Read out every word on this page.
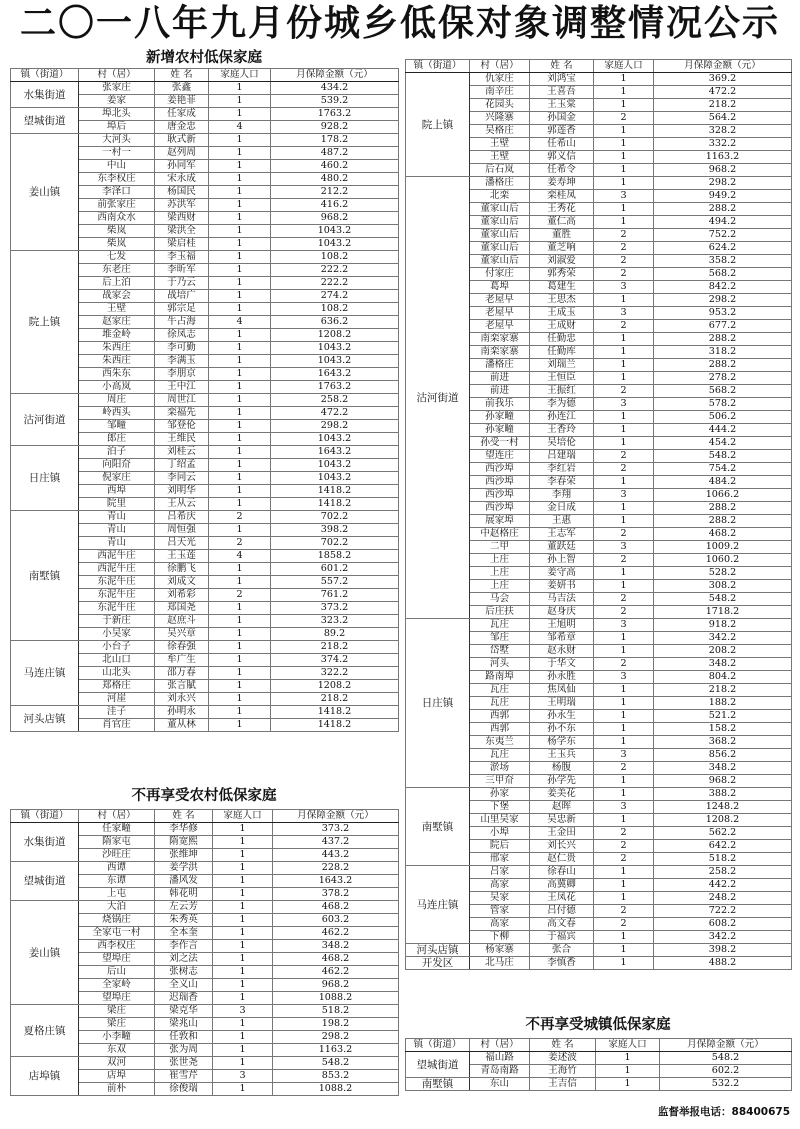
二〇一八年九月份城乡低保对象调整情况公示
新增农村低保家庭
镇（街道）	村（居）	姓 名	家庭人口	月保障金额（元）
水集街道	张家庄	张鑫	1	434.2
	姜家	姜艳菲	1	539.2
望城街道	埠北头	任家成	1	1763.2
	埠后	唐金忠	4	928.2
姜山镇	大河头	耿式新	1	178.2
	一村一	赵列周	1	487.2
	中山	孙同军	1	460.2
	东李权庄	宋永成	1	480.2
	李泽口	杨国民	1	212.2
	前张家庄	苏洪军	1	416.2
	西南众水	梁西财	1	968.2
	柴岚	梁洪全	1	1043.2
	柴岚	梁启桂	1	1043.2
院上镇	七发	李玉福	1	108.2
	东老庄	李昕军	1	222.2
	后上泊	于乃云	1	222.2
	战家会	战培广	1	274.2
	王壁	郭宗足	1	108.2
	赵家庄	牛占海	4	636.2
	堆金岭	徐凤志	1	1208.2
	朱西庄	李可勤	1	1043.2
	朱西庄	李满玉	1	1043.2
	西朱东	李朋京	1	1643.2
	小高岚	王中江	1	1763.2
沽河街道	周庄	周世江	1	258.2
	岭西头	栾福先	1	472.2
	邹疃	邹登伦	1	298.2
	郎庄	王维民	1	1043.2
日庄镇	泊子	刘桂云	1	1643.2
	向阳夼	丁绍孟	1	1043.2
	倪家庄	李同云	1	1043.2
	西埠	刘明华	1	1418.2
	院里	王从云	1	1418.2
南墅镇	青山	吕希庆	2	702.2
	青山	周恒强	1	398.2
	青山	吕天光	2	702.2
	西泥牛庄	王玉莲	4	1858.2
	西泥牛庄	徐鹏飞	1	601.2
	东泥牛庄	刘成文	1	557.2
	东泥牛庄	刘希彩	2	761.2
	东泥牛庄	郑国尧	1	373.2
	于新庄	赵庶斗	1	323.2
	小吴家	吴兴章	1	89.2
马连庄镇	小台子	徐春强	1	218.2
	北山口	牟广生	1	374.2
	山北头	邵万春	1	322.2
	郑格庄	张言賦	1	1208.2
	河崖	刘永兴	1	218.2
河头店镇	洼子	孙明永	1	1418.2
	肖官庄	董从林	1	1418.2
不再享受农村低保家庭
镇（街道）	村（居）	姓 名	家庭人口	月保障金额（元）
水集街道	任家疃	李华修	1	373.2
	隋家屯	隋宽熙	1	437.2
	沙旺庄	张维坤	1	443.2
望城街道	西谭	姜学洪	1	228.2
	东谭	潘风发	1	1643.2
	上屯	韩花明	1	378.2
姜山镇	大泊	左云芳	1	468.2
	烧锅庄	朱秀英	1	603.2
	全家屯一村	全本奎	1	462.2
	西李权庄	李作言	1	348.2
	望埠庄	刘之法	1	468.2
	后山	张树志	1	462.2
	全家岭	全义山	1	968.2
	望埠庄	迟瑞香	1	1088.2
夏格庄镇	梁庄	梁克华	3	518.2
	梁庄	梁兆山	1	198.2
	小李疃	任敦和	1	298.2
	东双	张为周	1	1163.2
店埠镇	双河	张世尧	1	548.2
	店埠	崔雪芹	3	853.2
	前朴	徐俊瑞	1	1088.2
镇（街道）	村（居）	姓 名	家庭人口	月保障金额（元）
院上镇	仇家庄	刘鸿宝	1	369.2
	南辛庄	王喜吾	1	472.2
	花园头	王玉棠	1	218.2
	兴隆寨	孙国金	2	564.2
	吴格庄	郭莲香	1	328.2
	王壁	任希山	1	332.2
	王壁	郭义信	1	1163.2
	后石岚	任希令	1	968.2
沽河街道	潘格庄	姜寿坤	1	298.2
	北栾	栾桂凤	3	949.2
	董家山后	王秀花	1	288.2
	董家山后	董仁高	1	494.2
	董家山后	董胜	2	752.2
	董家山后	董芝响	2	624.2
	董家山后	刘淑爱	2	358.2
	付家庄	郭秀荣	2	568.2
	葛埠	葛建生	3	842.2
	老屋早	王思杰	1	298.2
	老屋早	王成玉	3	953.2
	老屋早	王成财	2	677.2
	南栾家寨	任勤忠	1	288.2
	南栾家寨	任勤库	1	318.2
	潘格庄	刘瑞兰	1	288.2
	前进	王恒臣	1	278.2
	前进	王振红	2	568.2
	前我乐	李为德	3	578.2
	孙家疃	孙连江	1	506.2
	孙家疃	王香玲	1	444.2
	孙受一村	吴培伦	1	454.2
	望连庄	吕建瑞	2	548.2
	西沙埠	李红岩	2	754.2
	西沙埠	李春荣	1	484.2
	西沙埠	李翔	3	1066.2
	西沙埠	金日成	1	288.2
	展家埠	王惠	1	288.2
	中赵格庄	王志军	2	468.2
	二甲	董跃廷	3	1009.2
	上庄	孙上智	2	1060.2
	上庄	姜守高	1	528.2
	上庄	姜妍书	1	308.2
	马会	马吉法	2	548.2
	后庄扶	赵身庆	2	1718.2
日庄镇	瓦庄	王旭明	3	918.2
	邹庄	邹希章	1	342.2
	岱墅	赵永财	1	208.2
	河头	于华文	2	348.2
	路南埠	孙永胜	3	804.2
	瓦庄	焦凤仙	1	218.2
	瓦庄	王明瑞	1	188.2
	西郭	孙永生	1	521.2
	西郭	孙不东	1	158.2
	东夷兰	杨学东	1	368.2
	瓦庄	王玉兵	3	856.2
	淤场	杨腹	2	348.2
	三甲夼	孙学先	1	968.2
南墅镇	孙家	姜美花	1	388.2
	下堡	赵晖	3	1248.2
	山里吴家	吴忠新	1	1208.2
	小埠	王金田	2	562.2
	院后	刘长兴	2	642.2
	邢家	赵仁贵	2	518.2
马连庄镇	吕家	徐春山	1	258.2
	高家	高冀卿	1	442.2
	吴家	王凤花	1	248.2
	管家	吕付德	2	722.2
	高家	高文春	2	608.2
	下柳	于福宾	1	342.2
河头店镇	杨家寨	张合	1	398.2
开发区	北马庄	李慎香	1	488.2
不再享受城镇低保家庭
镇（街道）	村（居）	姓 名	家庭人口	月保障金额（元）
望城街道	福山路	姜述波	1	548.2
	青岛南路	王海竹	1	602.2
南墅镇	东山	王吉信	1	532.2
监督举报电话：88400675
